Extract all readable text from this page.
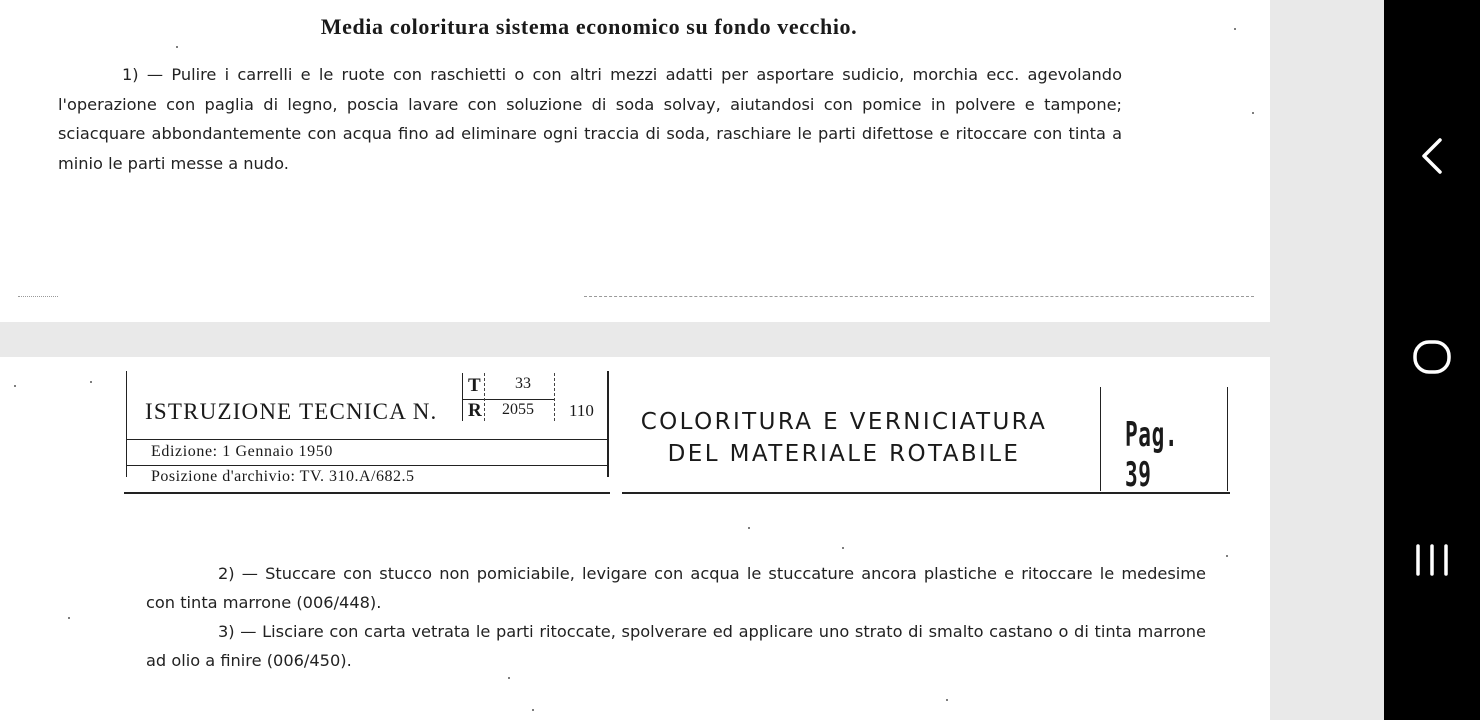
Media coloritura sistema economico su fondo vecchio.
1) — Pulire i carrelli e le ruote con raschietti o con altri mezzi adatti per asportare sudicio, morchia ecc. agevolando l'operazione con paglia di legno, poscia lavare con soluzione di soda solvay, aiutandosi con pomice in polvere e tampone; sciacquare abbondantemente con acqua fino ad eliminare ogni traccia di soda, raschiare le parti difettose e ritoccare con tinta a minio le parti messe a nudo.
ISTRUZIONE TECNICA N.
T
R
33
2055 110
Edizione: 1 Gennaio 1950
Posizione d'archivio: TV. 310.A/682.5
COLORITURA E VERNICIATURA
DEL MATERIALE ROTABILE	Pag. 39

2) — Stuccare con stucco non pomiciabile, levigare con acqua le stuccature ancora plastiche e ritoccare le medesime con tinta marrone (006/448).

3) — Lisciare con carta vetrata le parti ritoccate, spolverare ed applicare uno strato di smalto castano o di tinta marrone ad olio a finire (006/450).
